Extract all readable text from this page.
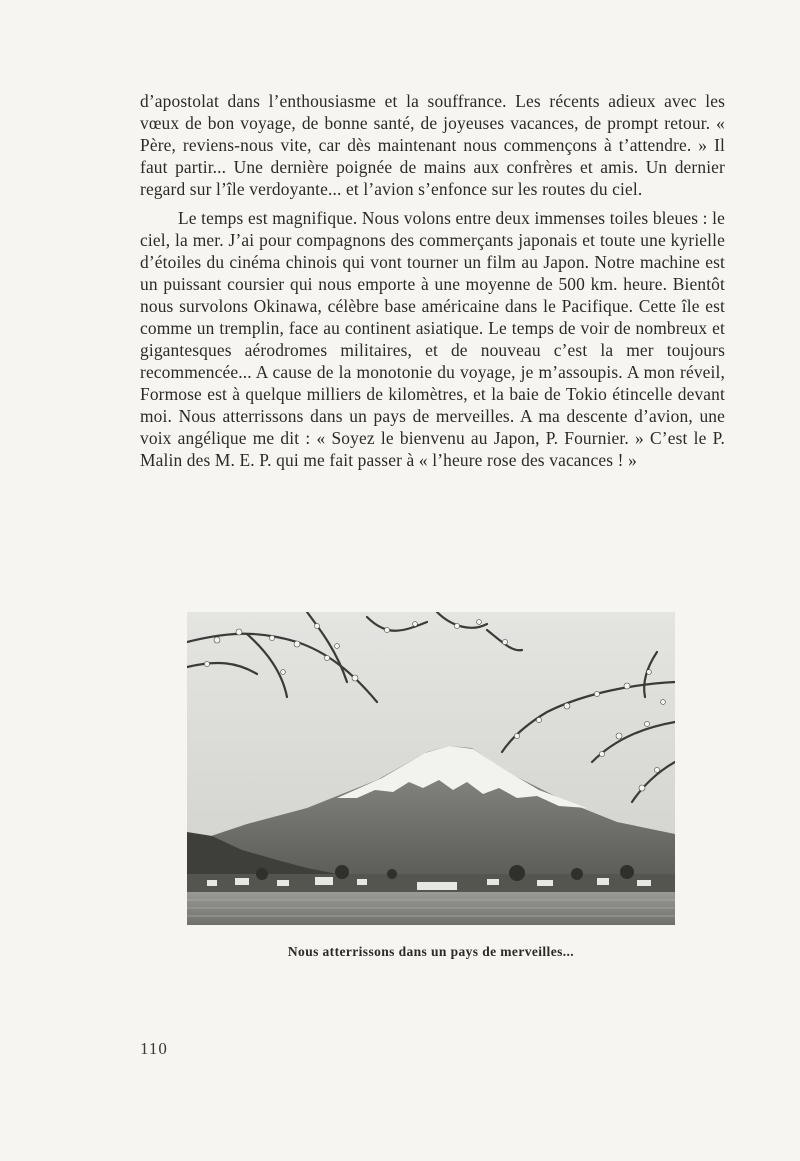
d’apostolat dans l’enthousiasme et la souffrance. Les récents adieux avec les vœux de bon voyage, de bonne santé, de joyeuses vacances, de prompt retour. « Père, reviens-nous vite, car dès maintenant nous commençons à t’attendre. » Il faut partir... Une dernière poignée de mains aux confrères et amis. Un dernier regard sur l’île verdoyante... et l’avion s’enfonce sur les routes du ciel.

Le temps est magnifique. Nous volons entre deux immenses toiles bleues : le ciel, la mer. J’ai pour compagnons des commerçants japonais et toute une kyrielle d’étoiles du cinéma chinois qui vont tourner un film au Japon. Notre machine est un puissant coursier qui nous emporte à une moyenne de 500 km. heure. Bientôt nous survolons Okinawa, célèbre base américaine dans le Pacifique. Cette île est comme un tremplin, face au continent asiatique. Le temps de voir de nombreux et gigantesques aérodromes militaires, et de nouveau c’est la mer toujours recommencée... A cause de la monotonie du voyage, je m’assoupis. A mon réveil, Formose est à quelque milliers de kilomètres, et la baie de Tokio étincelle devant moi. Nous atterrissons dans un pays de merveilles. A ma descente d’avion, une voix angélique me dit : « Soyez le bienvenu au Japon, P. Fournier. » C’est le P. Malin des M. E. P. qui me fait passer à « l’heure rose des vacances ! »

Nous atterrissons dans un pays de merveilles...
110
